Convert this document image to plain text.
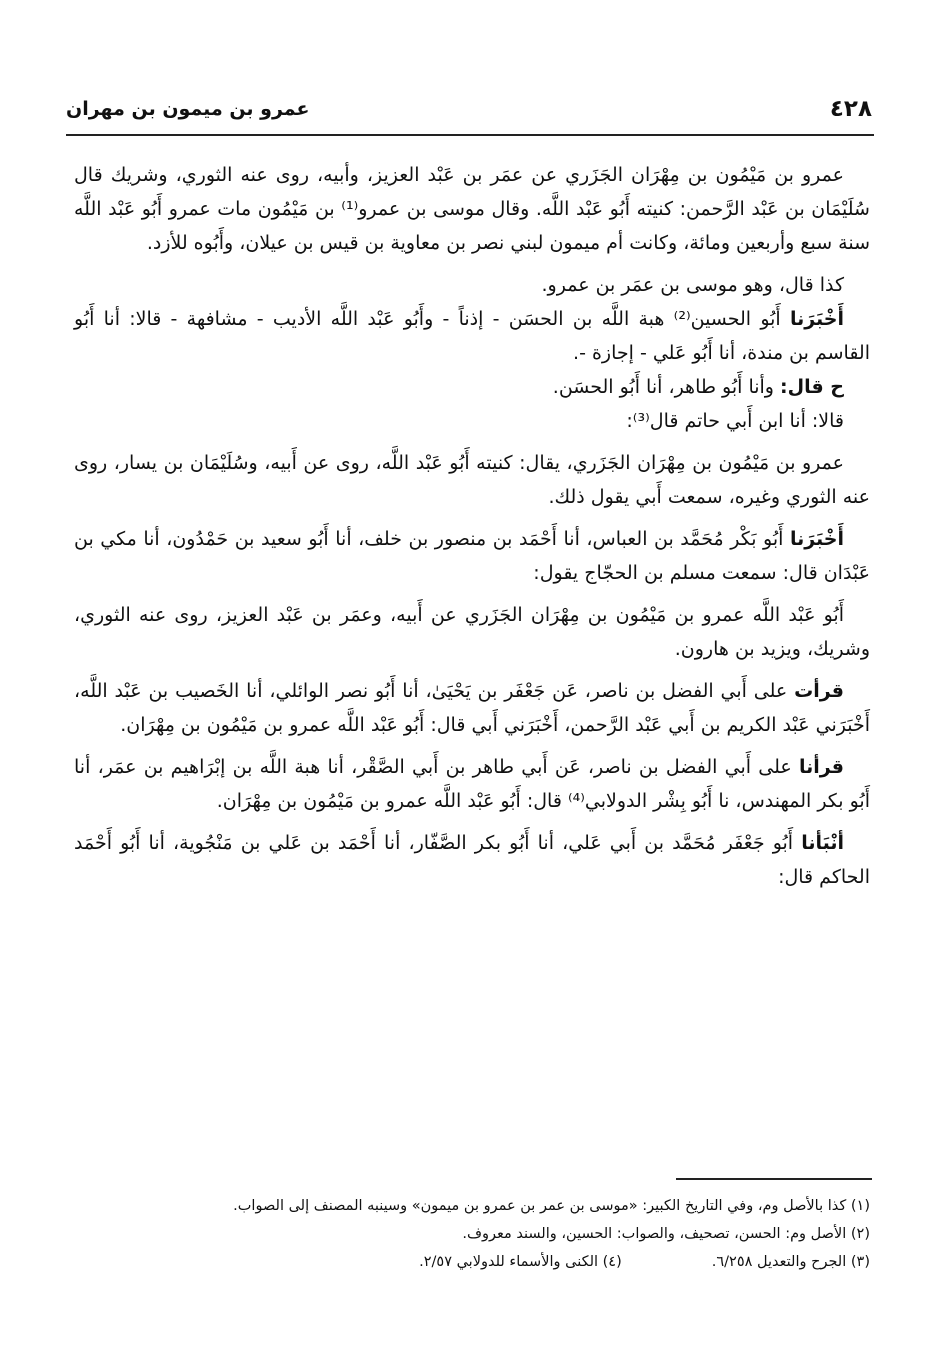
٤٢٨
عمرو بن ميمون بن مهران

عمرو بن مَيْمُون بن مِهْرَان الجَزَري عن عمَر بن عَبْد العزيز، وأبيه، روى عنه الثوري، وشريك قال سُلَيْمَان بن عَبْد الرَّحمن: كنيته أَبُو عَبْد اللَّه. وقال موسى بن عمرو⁽¹⁾ بن مَيْمُون مات عمرو أَبُو عَبْد اللَّه سنة سبع وأربعين ومائة، وكانت أم ميمون لبني نصر بن معاوية بن قيس بن عيلان، وأَبُوه للأزد.

كذا قال، وهو موسى بن عمَر بن عمرو.

أَخْبَرَنا أَبُو الحسين⁽²⁾ هبة اللَّه بن الحسَن - إذناً - وأَبُو عَبْد اللَّه الأديب - مشافهة - قالا: أنا أَبُو القاسم بن مندة، أنا أَبُو عَلي - إجازة -.

ح قال: وأنا أَبُو طاهر، أنا أَبُو الحسَن.

قالا: أنا ابن أَبي حاتم قال⁽³⁾:

عمرو بن مَيْمُون بن مِهْرَان الجَزَري، يقال: كنيته أَبُو عَبْد اللَّه، روى عن أَبيه، وسُلَيْمَان بن يسار، روى عنه الثوري وغيره، سمعت أَبي يقول ذلك.

أَخْبَرَنا أَبُو بَكْر مُحَمَّد بن العباس، أنا أَحْمَد بن منصور بن خلف، أنا أَبُو سعيد بن حَمْدُون، أنا مكي بن عَبْدَان قال: سمعت مسلم بن الحجّاج يقول:

أَبُو عَبْد اللَّه عمرو بن مَيْمُون بن مِهْرَان الجَزَري عن أَبيه، وعمَر بن عَبْد العزيز، روى عنه الثوري، وشريك، ويزيد بن هارون.

قرأت على أَبي الفضل بن ناصر، عَن جَعْفَر بن يَحْيَىٰ، أنا أَبُو نصر الوائلي، أنا الخَصيب بن عَبْد اللَّه، أَخْبَرَني عَبْد الكريم بن أَبي عَبْد الرَّحمن، أَخْبَرَني أَبي قال: أَبُو عَبْد اللَّه عمرو بن مَيْمُون بن مِهْرَان.

قرأنا على أَبي الفضل بن ناصر، عَن أَبي طاهر بن أَبي الصَّقْر، أنا هبة اللَّه بن إبْرَاهيم بن عمَر، أنا أَبُو بكر المهندس، نا أَبُو بِشْر الدولابي⁽⁴⁾ قال: أَبُو عَبْد اللَّه عمرو بن مَيْمُون بن مِهْرَان.

أنْبَأنا أَبُو جَعْفَر مُحَمَّد بن أَبي عَلي، أنا أَبُو بكر الصَّفّار، أنا أَحْمَد بن عَلي بن مَنْجُوية، أنا أَبُو أَحْمَد الحاكم قال:

(١) كذا بالأصل وم، وفي التاريخ الكبير: «موسى بن عمر بن عمرو بن ميمون» وسينبه المصنف إلى الصواب.

(٢) الأصل وم: الحسن، تصحيف، والصواب: الحسين، والسند معروف.

(٣) الجرح والتعديل ٦/٢٥٨.

(٤) الكنى والأسماء للدولابي ٢/٥٧.
